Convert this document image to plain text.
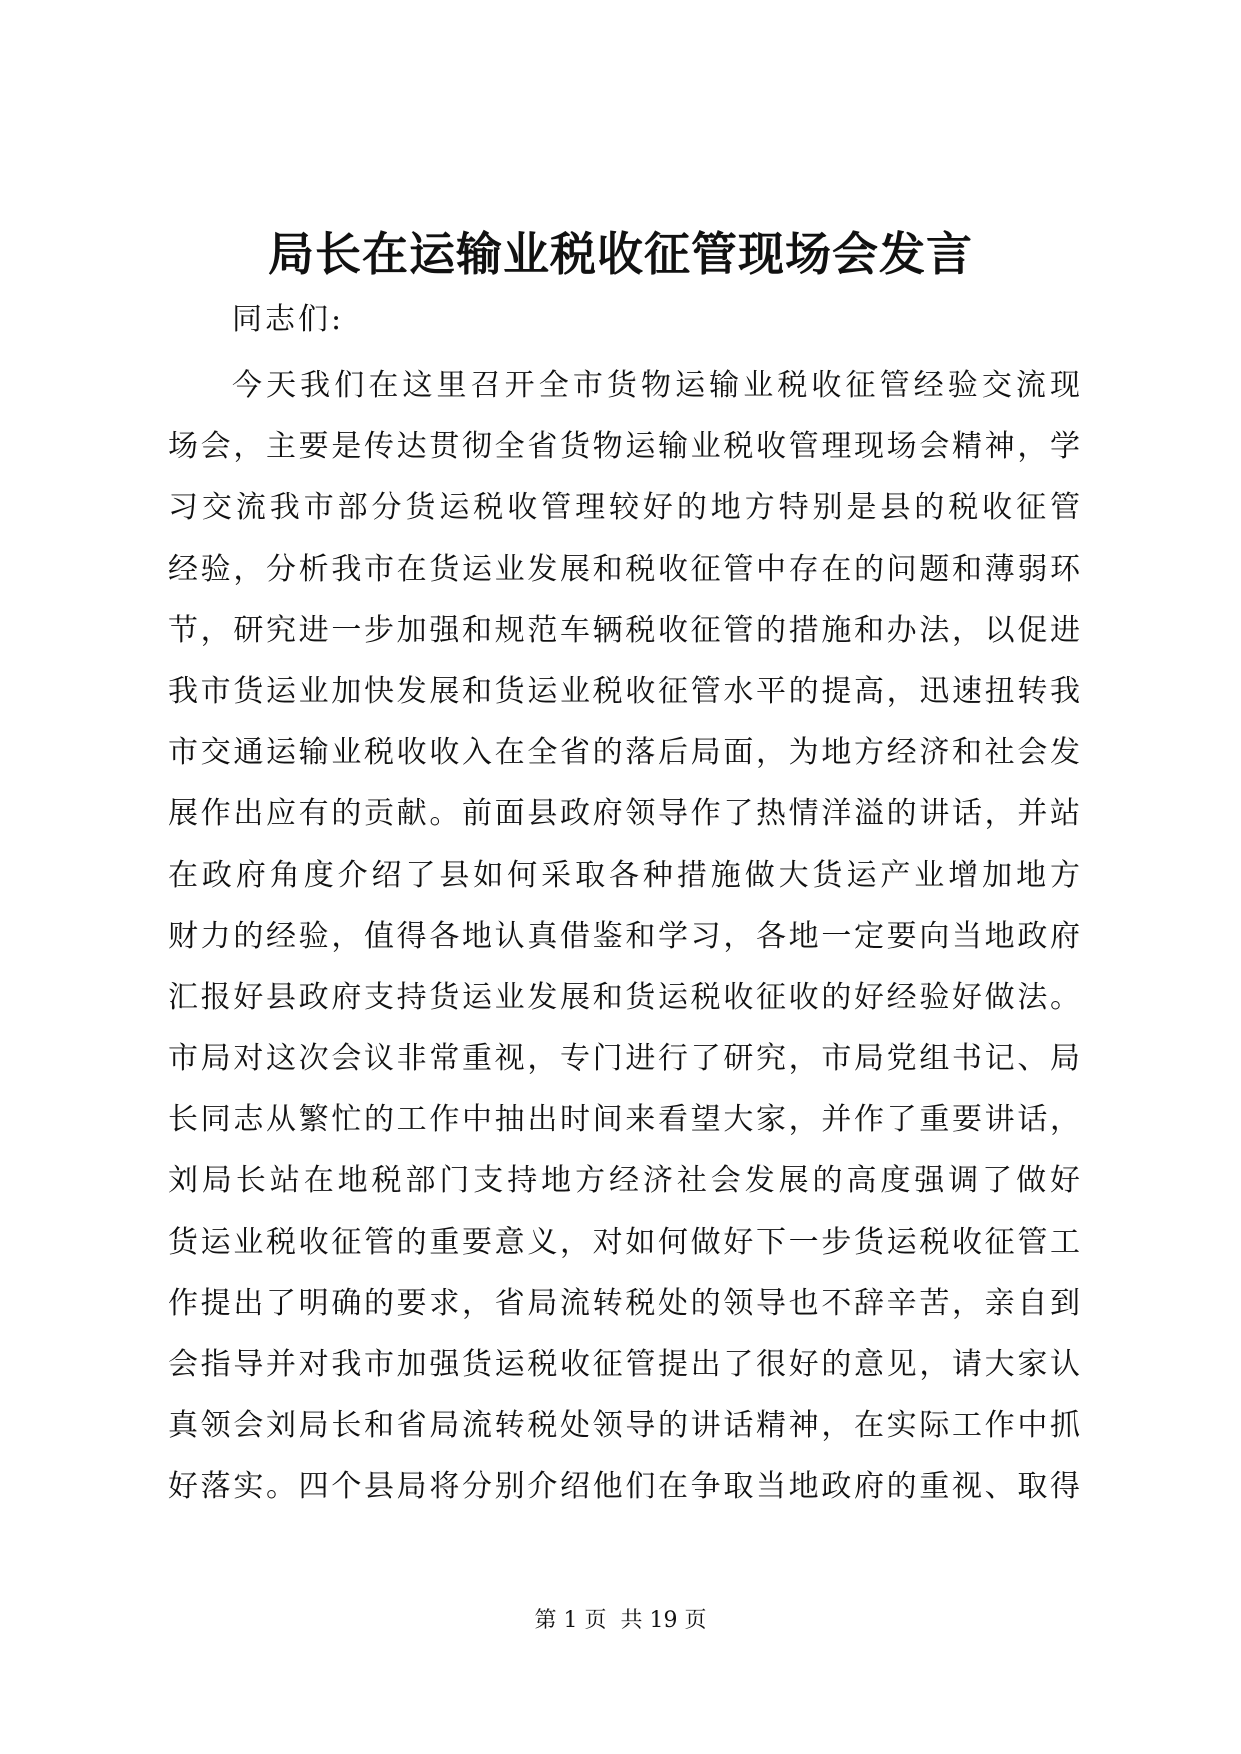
局长在运输业税收征管现场会发言

同志们:

今天我们在这里召开全市货物运输业税收征管经验交流现
场会，主要是传达贯彻全省货物运输业税收管理现场会精神，学
习交流我市部分货运税收管理较好的地方特别是县的税收征管
经验，分析我市在货运业发展和税收征管中存在的问题和薄弱环
节，研究进一步加强和规范车辆税收征管的措施和办法，以促进
我市货运业加快发展和货运业税收征管水平的提高，迅速扭转我
市交通运输业税收收入在全省的落后局面，为地方经济和社会发
展作出应有的贡献。前面县政府领导作了热情洋溢的讲话，并站
在政府角度介绍了县如何采取各种措施做大货运产业增加地方
财力的经验，值得各地认真借鉴和学习，各地一定要向当地政府
汇报好县政府支持货运业发展和货运税收征收的好经验好做法。
市局对这次会议非常重视，专门进行了研究，市局党组书记、局
长同志从繁忙的工作中抽出时间来看望大家，并作了重要讲话，
刘局长站在地税部门支持地方经济社会发展的高度强调了做好
货运业税收征管的重要意义，对如何做好下一步货运税收征管工
作提出了明确的要求，省局流转税处的领导也不辞辛苦，亲自到
会指导并对我市加强货运税收征管提出了很好的意见，请大家认
真领会刘局长和省局流转税处领导的讲话精神，在实际工作中抓
好落实。四个县局将分别介绍他们在争取当地政府的重视、取得
第 1 页  共 19 页
